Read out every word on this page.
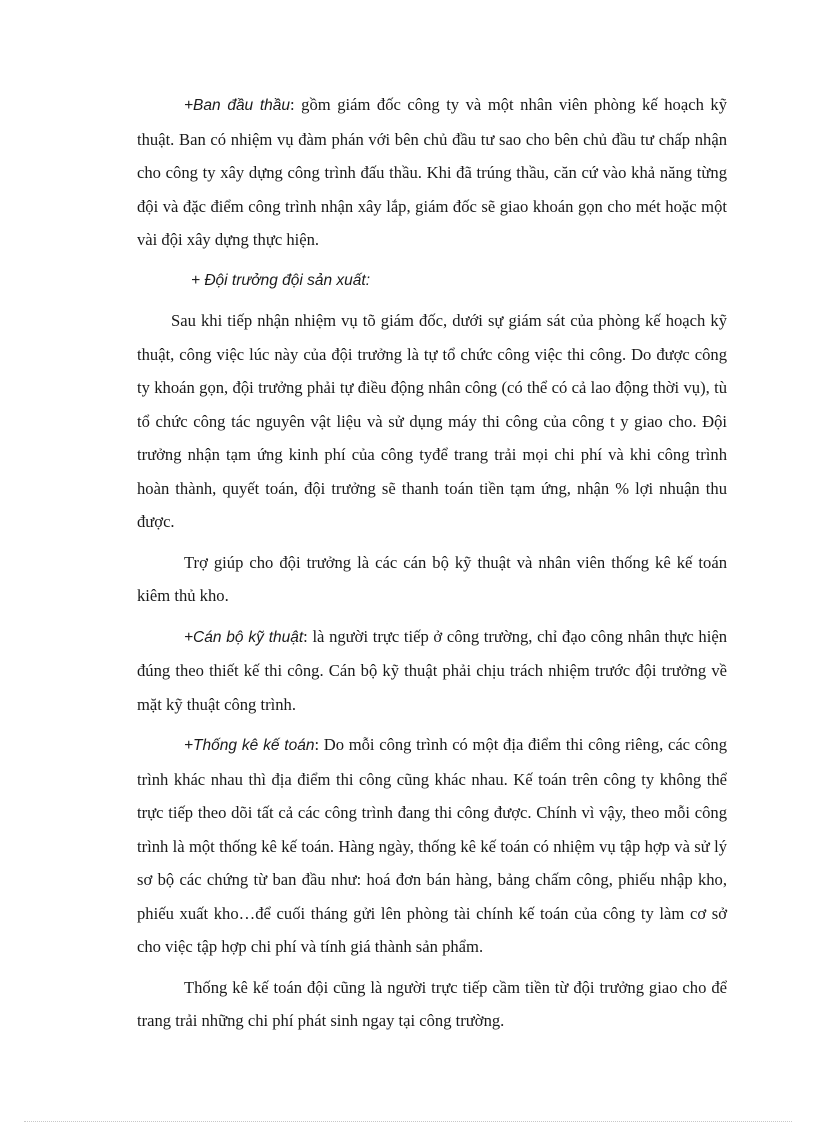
+Ban đầu thầu: gồm giám đốc công ty và một nhân viên phòng kế hoạch kỹ thuật. Ban có nhiệm vụ đàm phán với bên chủ đầu tư sao cho bên chủ đầu tư chấp nhận cho công ty xây dựng công trình đấu thầu. Khi đã trúng thầu, căn cứ vào khả năng từng đội và đặc điểm công trình nhận xây lắp, giám đốc sẽ giao khoán gọn cho mét hoặc một vài đội xây dựng thực hiện.

+ Đội trưởng đội sản xuất:

Sau khi tiếp nhận nhiệm vụ tõ giám đốc, dưới sự giám sát của phòng kế hoạch kỹ thuật, công việc lúc này của đội trưởng là tự tổ chức công việc thi công. Do được công ty khoán gọn, đội trưởng phải tự điều động nhân công (có thể có cả lao động thời vụ), tù tổ chức công tác nguyên vật liệu và sử dụng máy thi công của công t y giao cho. Đội trưởng nhận tạm ứng kinh phí của công tyđể trang trải mọi chi phí và khi công trình hoàn thành, quyết toán, đội trưởng sẽ thanh toán tiền tạm ứng, nhận % lợi nhuận thu được.

Trợ giúp cho đội trưởng là các cán bộ kỹ thuật và nhân viên thống kê kế toán kiêm thủ kho.

+Cán bộ kỹ thuật: là người trực tiếp ở công trường, chỉ đạo công nhân thực hiện đúng theo thiết kế thi công. Cán bộ kỹ thuật phải chịu trách nhiệm trước đội trưởng về mặt kỹ thuật công trình.

+Thống kê kế toán: Do mỗi công trình có một địa điểm thi công riêng, các công trình khác nhau thì địa điểm thi công cũng khác nhau. Kế toán trên công ty không thể trực tiếp theo dõi tất cả các công trình đang thi công được. Chính vì vậy, theo mỗi công trình là một thống kê kế toán. Hàng ngày, thống kê kế toán có nhiệm vụ tập hợp và sử lý sơ bộ các chứng từ ban đầu như: hoá đơn bán hàng, bảng chấm công, phiếu nhập kho, phiếu xuất kho…để cuối tháng gửi lên phòng tài chính kế toán của công ty làm cơ sở cho việc tập hợp chi phí và tính giá thành sản phẩm.

Thống kê kế toán đội cũng là người trực tiếp cầm tiền từ đội trưởng giao cho để trang trải những chi phí phát sinh ngay tại công trường.
